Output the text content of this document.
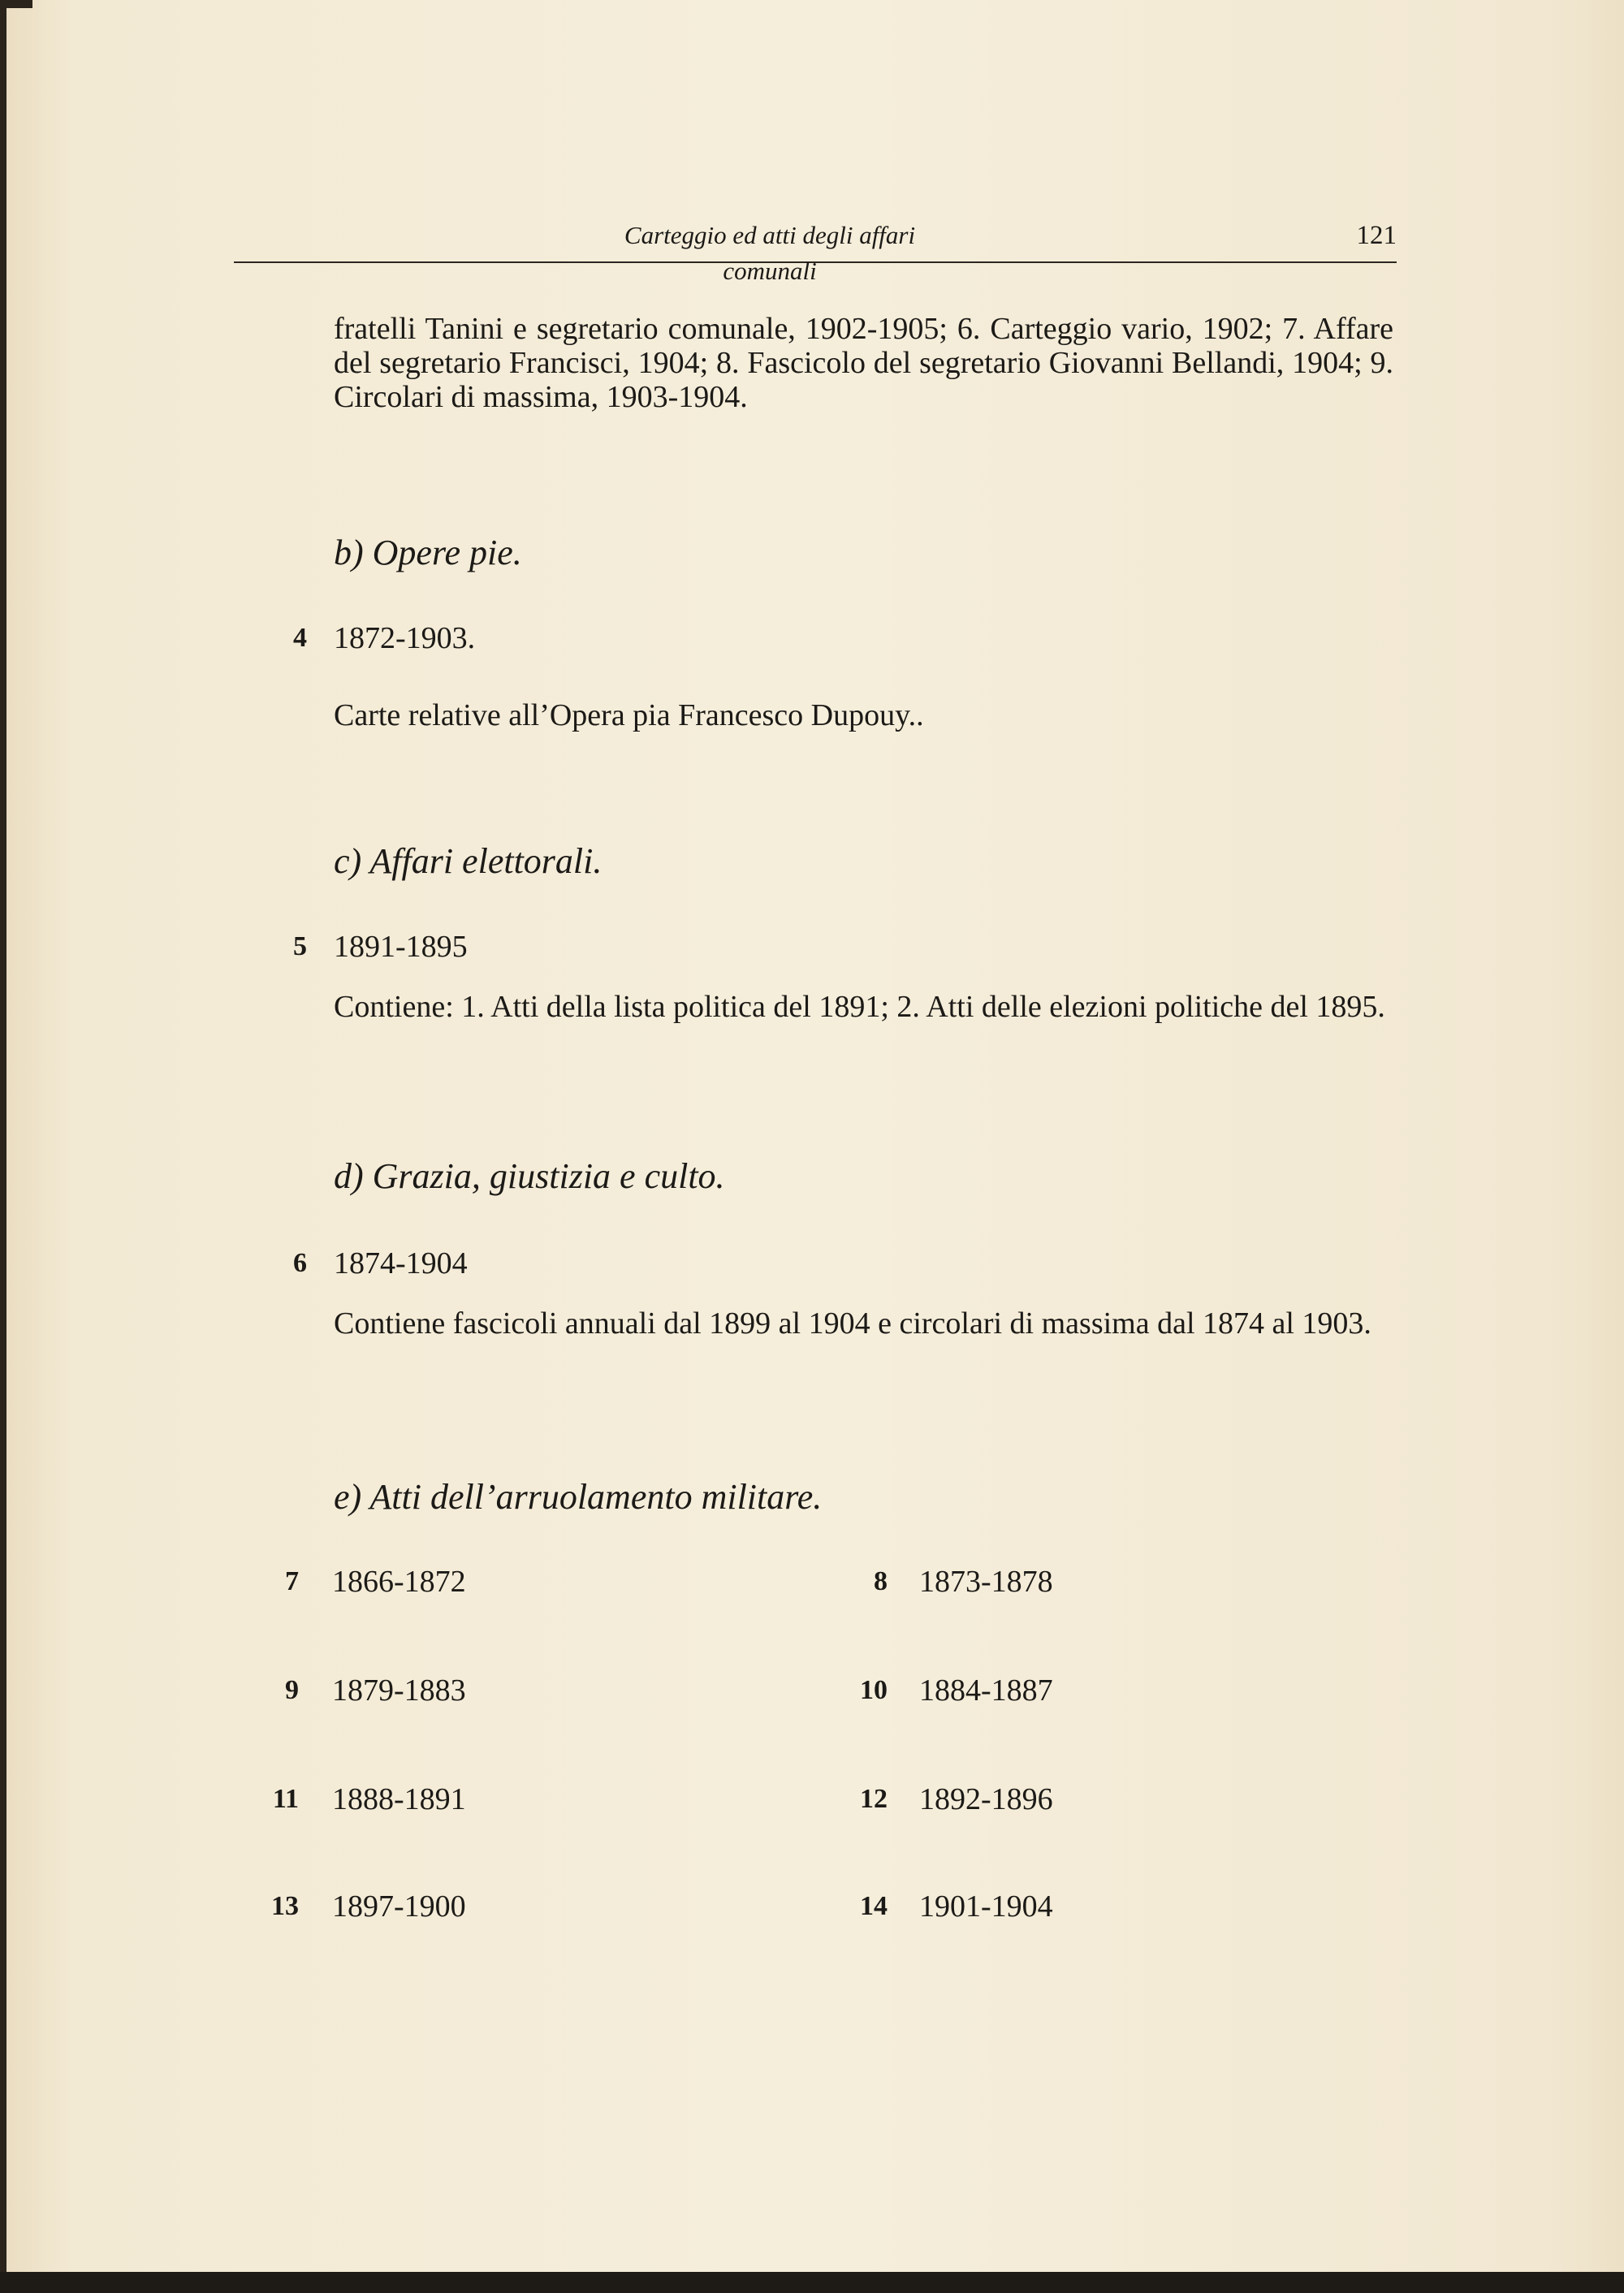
Carteggio ed atti degli affari comunali
121

fratelli Tanini e segretario comunale, 1902-1905; 6. Carteggio vario, 1902; 7. Affare del segretario Francisci, 1904; 8. Fascicolo del segretario Giovanni Bellandi, 1904; 9. Circolari di massima, 1903-1904.

b) Opere pie.
4 1872-1903.

Carte relative all’Opera pia Francesco Dupouy..

c) Affari elettorali.
5 1891-1895

Contiene: 1. Atti della lista politica del 1891; 2. Atti delle elezioni politiche del 1895.

d) Grazia, giustizia e culto.
6 1874-1904

Contiene fascicoli annuali dal 1899 al 1904 e circolari di massima dal 1874 al 1903.

e) Atti dell’arruolamento militare.
7 1866-1872	8 1873-1878
9 1879-1883	10 1884-1887
11 1888-1891	12 1892-1896
13 1897-1900	14 1901-1904
